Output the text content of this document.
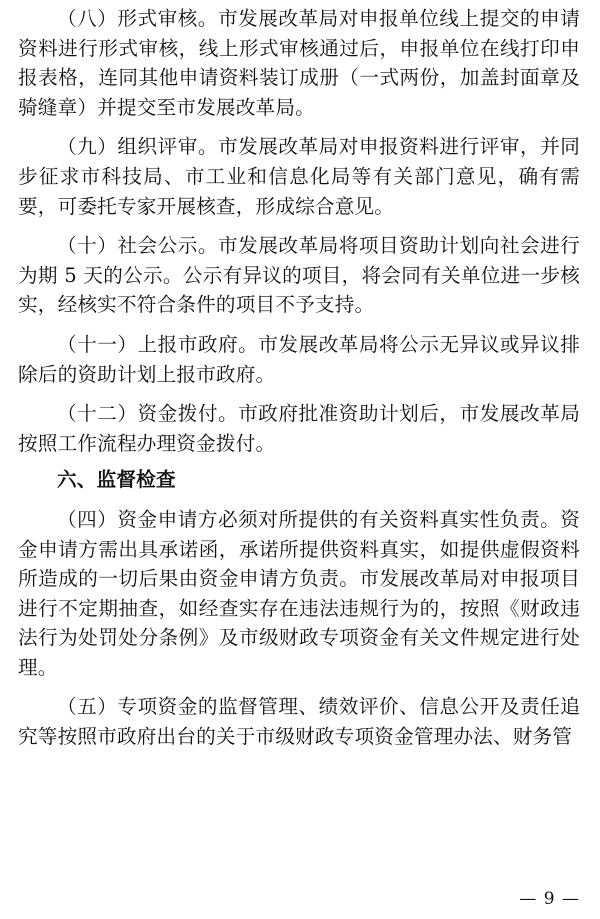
（八）形式审核。市发展改革局对申报单位线上提交的申请资料进行形式审核，线上形式审核通过后，申报单位在线打印申报表格，连同其他申请资料装订成册（一式两份，加盖封面章及骑缝章）并提交至市发展改革局。

（九）组织评审。市发展改革局对申报资料进行评审，并同步征求市科技局、市工业和信息化局等有关部门意见，确有需要，可委托专家开展核查，形成综合意见。

（十）社会公示。市发展改革局将项目资助计划向社会进行为期 5 天的公示。公示有异议的项目，将会同有关单位进一步核实，经核实不符合条件的项目不予支持。

（十一）上报市政府。市发展改革局将公示无异议或异议排除后的资助计划上报市政府。

（十二）资金拨付。市政府批准资助计划后，市发展改革局按照工作流程办理资金拨付。

六、监督检查

（四）资金申请方必须对所提供的有关资料真实性负责。资金申请方需出具承诺函，承诺所提供资料真实，如提供虚假资料所造成的一切后果由资金申请方负责。市发展改革局对申报项目进行不定期抽查，如经查实存在违法违规行为的，按照《财政违法行为处罚处分条例》及市级财政专项资金有关文件规定进行处理。

（五）专项资金的监督管理、绩效评价、信息公开及责任追究等按照市政府出台的关于市级财政专项资金管理办法、财务管

— 9 —
